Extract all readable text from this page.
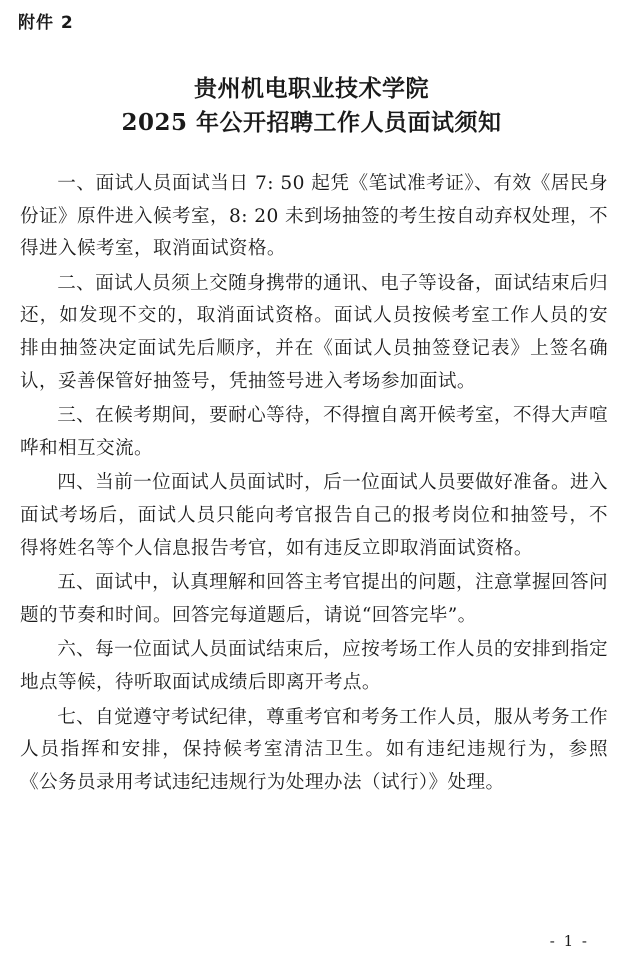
附件 2
贵州机电职业技术学院
2025 年公开招聘工作人员面试须知

一、面试人员面试当日 7: 50 起凭《笔试准考证》、有效《居民身份证》原件进入候考室，8: 20 未到场抽签的考生按自动弃权处理，不得进入候考室，取消面试资格。

二、面试人员须上交随身携带的通讯、电子等设备，面试结束后归还，如发现不交的，取消面试资格。面试人员按候考室工作人员的安排由抽签决定面试先后顺序，并在《面试人员抽签登记表》上签名确认，妥善保管好抽签号，凭抽签号进入考场参加面试。

三、在候考期间，要耐心等待，不得擅自离开候考室，不得大声喧哗和相互交流。

四、当前一位面试人员面试时，后一位面试人员要做好准备。进入面试考场后，面试人员只能向考官报告自己的报考岗位和抽签号，不得将姓名等个人信息报告考官，如有违反立即取消面试资格。

五、面试中，认真理解和回答主考官提出的问题，注意掌握回答问题的节奏和时间。回答完每道题后，请说“回答完毕”。

六、每一位面试人员面试结束后，应按考场工作人员的安排到指定地点等候，待听取面试成绩后即离开考点。

七、自觉遵守考试纪律，尊重考官和考务工作人员，服从考务工作人员指挥和安排，保持候考室清洁卫生。如有违纪违规行为，参照《公务员录用考试违纪违规行为处理办法（试行）》处理。

- 1 -
